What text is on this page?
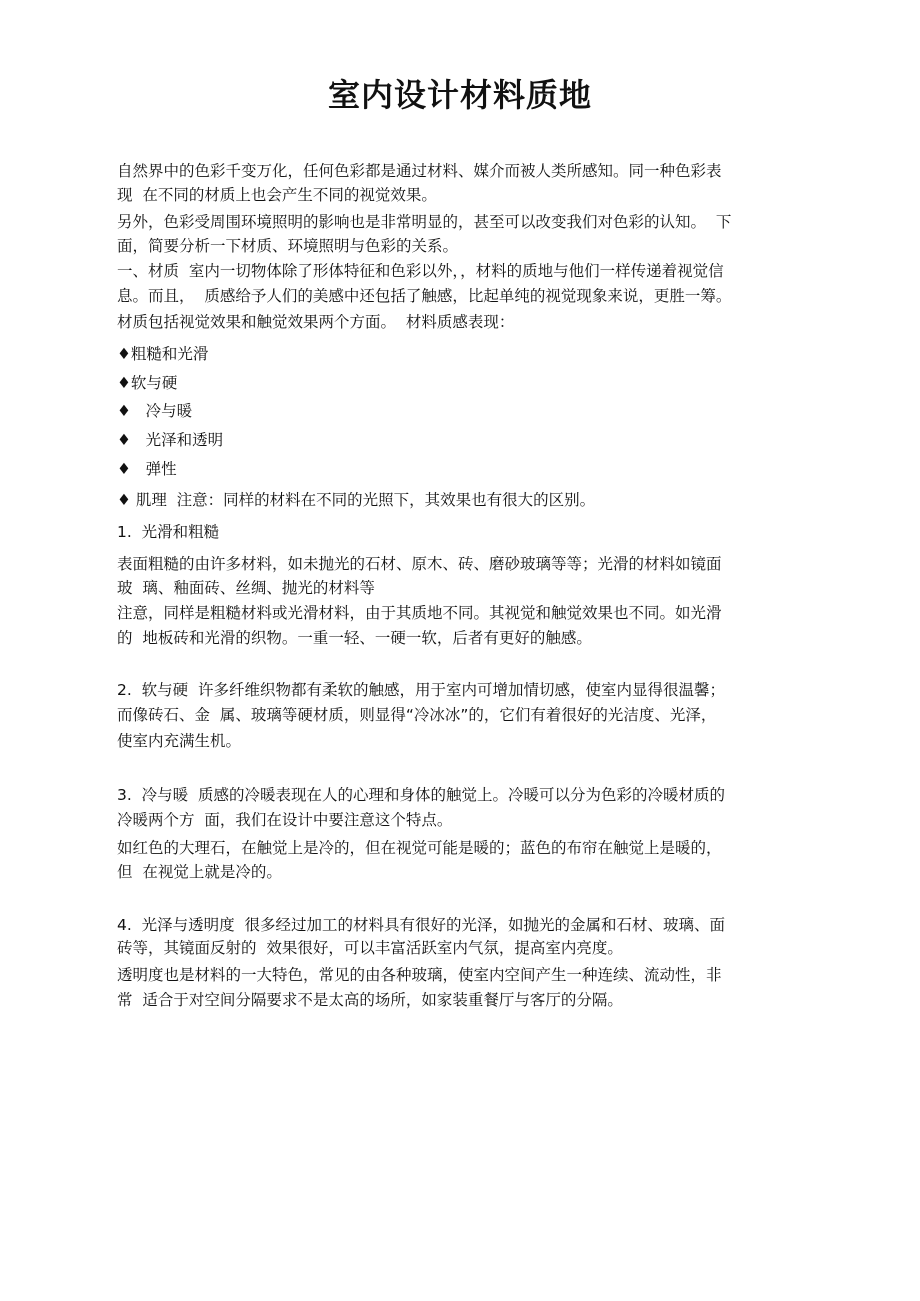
室内设计材料质地
自然界中的色彩千变万化，任何色彩都是通过材料、媒介而被人类所感知。同一种色彩表
现  在不同的材质上也会产生不同的视觉效果。
另外，色彩受周围环境照明的影响也是非常明显的，甚至可以改变我们对色彩的认知。  下
面，简要分析一下材质、环境照明与色彩的关系。
一、材质  室内一切物体除了形体特征和色彩以外，，材料的质地与他们一样传递着视觉信
息。而且，  质感给予人们的美感中还包括了触感，比起单纯的视觉现象来说，更胜一筹。
材质包括视觉效果和触觉效果两个方面。  材料质感表现：
♦粗糙和光滑
♦软与硬
♦   冷与暖
♦   光泽和透明
♦   弹性
♦ 肌理  注意：同样的材料在不同的光照下，其效果也有很大的区别。
1.  光滑和粗糙
表面粗糙的由许多材料，如未抛光的石材、原木、砖、磨砂玻璃等等；光滑的材料如镜面
玻  璃、釉面砖、丝绸、抛光的材料等
注意，同样是粗糙材料或光滑材料，由于其质地不同。其视觉和触觉效果也不同。如光滑
的  地板砖和光滑的织物。一重一轻、一硬一软，后者有更好的触感。
2.  软与硬  许多纤维织物都有柔软的触感，用于室内可增加情切感，使室内显得很温馨；
而像砖石、金  属、玻璃等硬材质，则显得“冷冰冰”的，它们有着很好的光洁度、光泽，
使室内充满生机。
3.  冷与暖  质感的冷暖表现在人的心理和身体的触觉上。冷暖可以分为色彩的冷暖材质的
冷暖两个方  面，我们在设计中要注意这个特点。
如红色的大理石，在触觉上是冷的，但在视觉可能是暖的；蓝色的布帘在触觉上是暖的，
但  在视觉上就是冷的。
4.  光泽与透明度  很多经过加工的材料具有很好的光泽，如抛光的金属和石材、玻璃、面
砖等，其镜面反射的  效果很好，可以丰富活跃室内气氛，提高室内亮度。
透明度也是材料的一大特色，常见的由各种玻璃，使室内空间产生一种连续、流动性，非
常  适合于对空间分隔要求不是太高的场所，如家装重餐厅与客厅的分隔。
